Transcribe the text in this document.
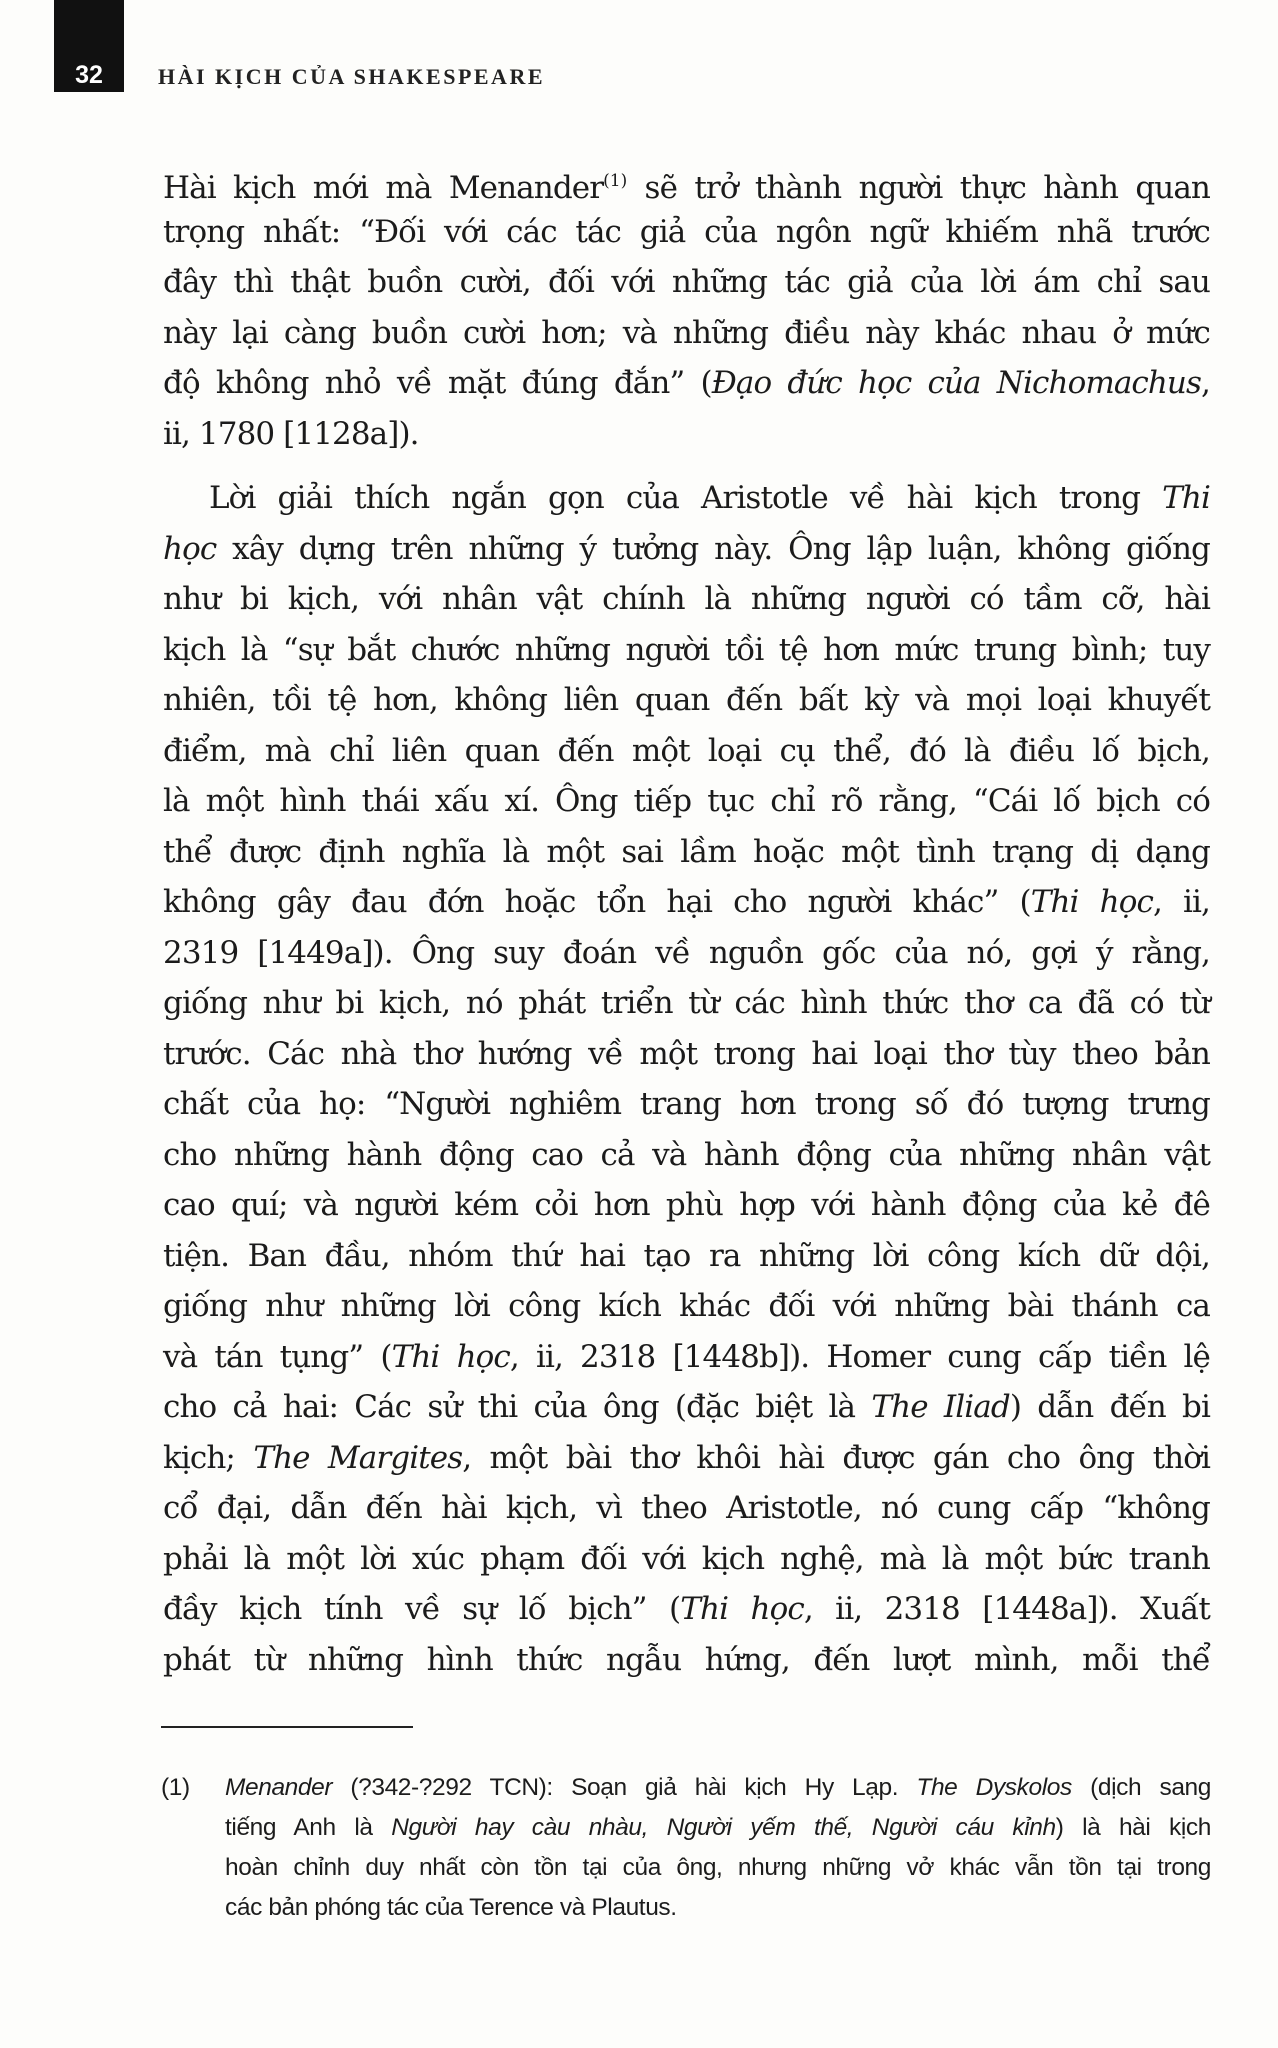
32	HÀI KỊCH CỦA SHAKESPEARE
Hài kịch mới mà Menander$^{(1)}$ sẽ trở thành người thực hành quan
trọng nhất: “Đối với các tác giả của ngôn ngữ khiếm nhã trước
đây thì thật buồn cười, đối với những tác giả của lời ám chỉ sau
này lại càng buồn cười hơn; và những điều này khác nhau ở mức
độ không nhỏ về mặt đúng đắn” (Đạo đức học của Nichomachus,
ii, 1780 [1128a]).
Lời giải thích ngắn gọn của Aristotle về hài kịch trong Thi
học xây dựng trên những ý tưởng này. Ông lập luận, không giống
như bi kịch, với nhân vật chính là những người có tầm cỡ, hài
kịch là “sự bắt chước những người tồi tệ hơn mức trung bình; tuy
nhiên, tồi tệ hơn, không liên quan đến bất kỳ và mọi loại khuyết
điểm, mà chỉ liên quan đến một loại cụ thể, đó là điều lố bịch,
là một hình thái xấu xí. Ông tiếp tục chỉ rõ rằng, “Cái lố bịch có
thể được định nghĩa là một sai lầm hoặc một tình trạng dị dạng
không gây đau đớn hoặc tổn hại cho người khác” (Thi học, ii,
2319 [1449a]). Ông suy đoán về nguồn gốc của nó, gợi ý rằng,
giống như bi kịch, nó phát triển từ các hình thức thơ ca đã có từ
trước. Các nhà thơ hướng về một trong hai loại thơ tùy theo bản
chất của họ: “Người nghiêm trang hơn trong số đó tượng trưng
cho những hành động cao cả và hành động của những nhân vật
cao quí; và người kém cỏi hơn phù hợp với hành động của kẻ đê
tiện. Ban đầu, nhóm thứ hai tạo ra những lời công kích dữ dội,
giống như những lời công kích khác đối với những bài thánh ca
và tán tụng” (Thi học, ii, 2318 [1448b]). Homer cung cấp tiền lệ
cho cả hai: Các sử thi của ông (đặc biệt là The Iliad) dẫn đến bi
kịch; The Margites, một bài thơ khôi hài được gán cho ông thời
cổ đại, dẫn đến hài kịch, vì theo Aristotle, nó cung cấp “không
phải là một lời xúc phạm đối với kịch nghệ, mà là một bức tranh
đầy kịch tính về sự lố bịch” (Thi học, ii, 2318 [1448a]). Xuất
phát từ những hình thức ngẫu hứng, đến lượt mình, mỗi thể
(1) Menander (?342-?292 TCN): Soạn giả hài kịch Hy Lạp. The Dyskolos (dịch sang
tiếng Anh là Người hay càu nhàu, Người yếm thế, Người cáu kỉnh) là hài kịch
hoàn chỉnh duy nhất còn tồn tại của ông, nhưng những vở khác vẫn tồn tại trong
các bản phóng tác của Terence và Plautus.
